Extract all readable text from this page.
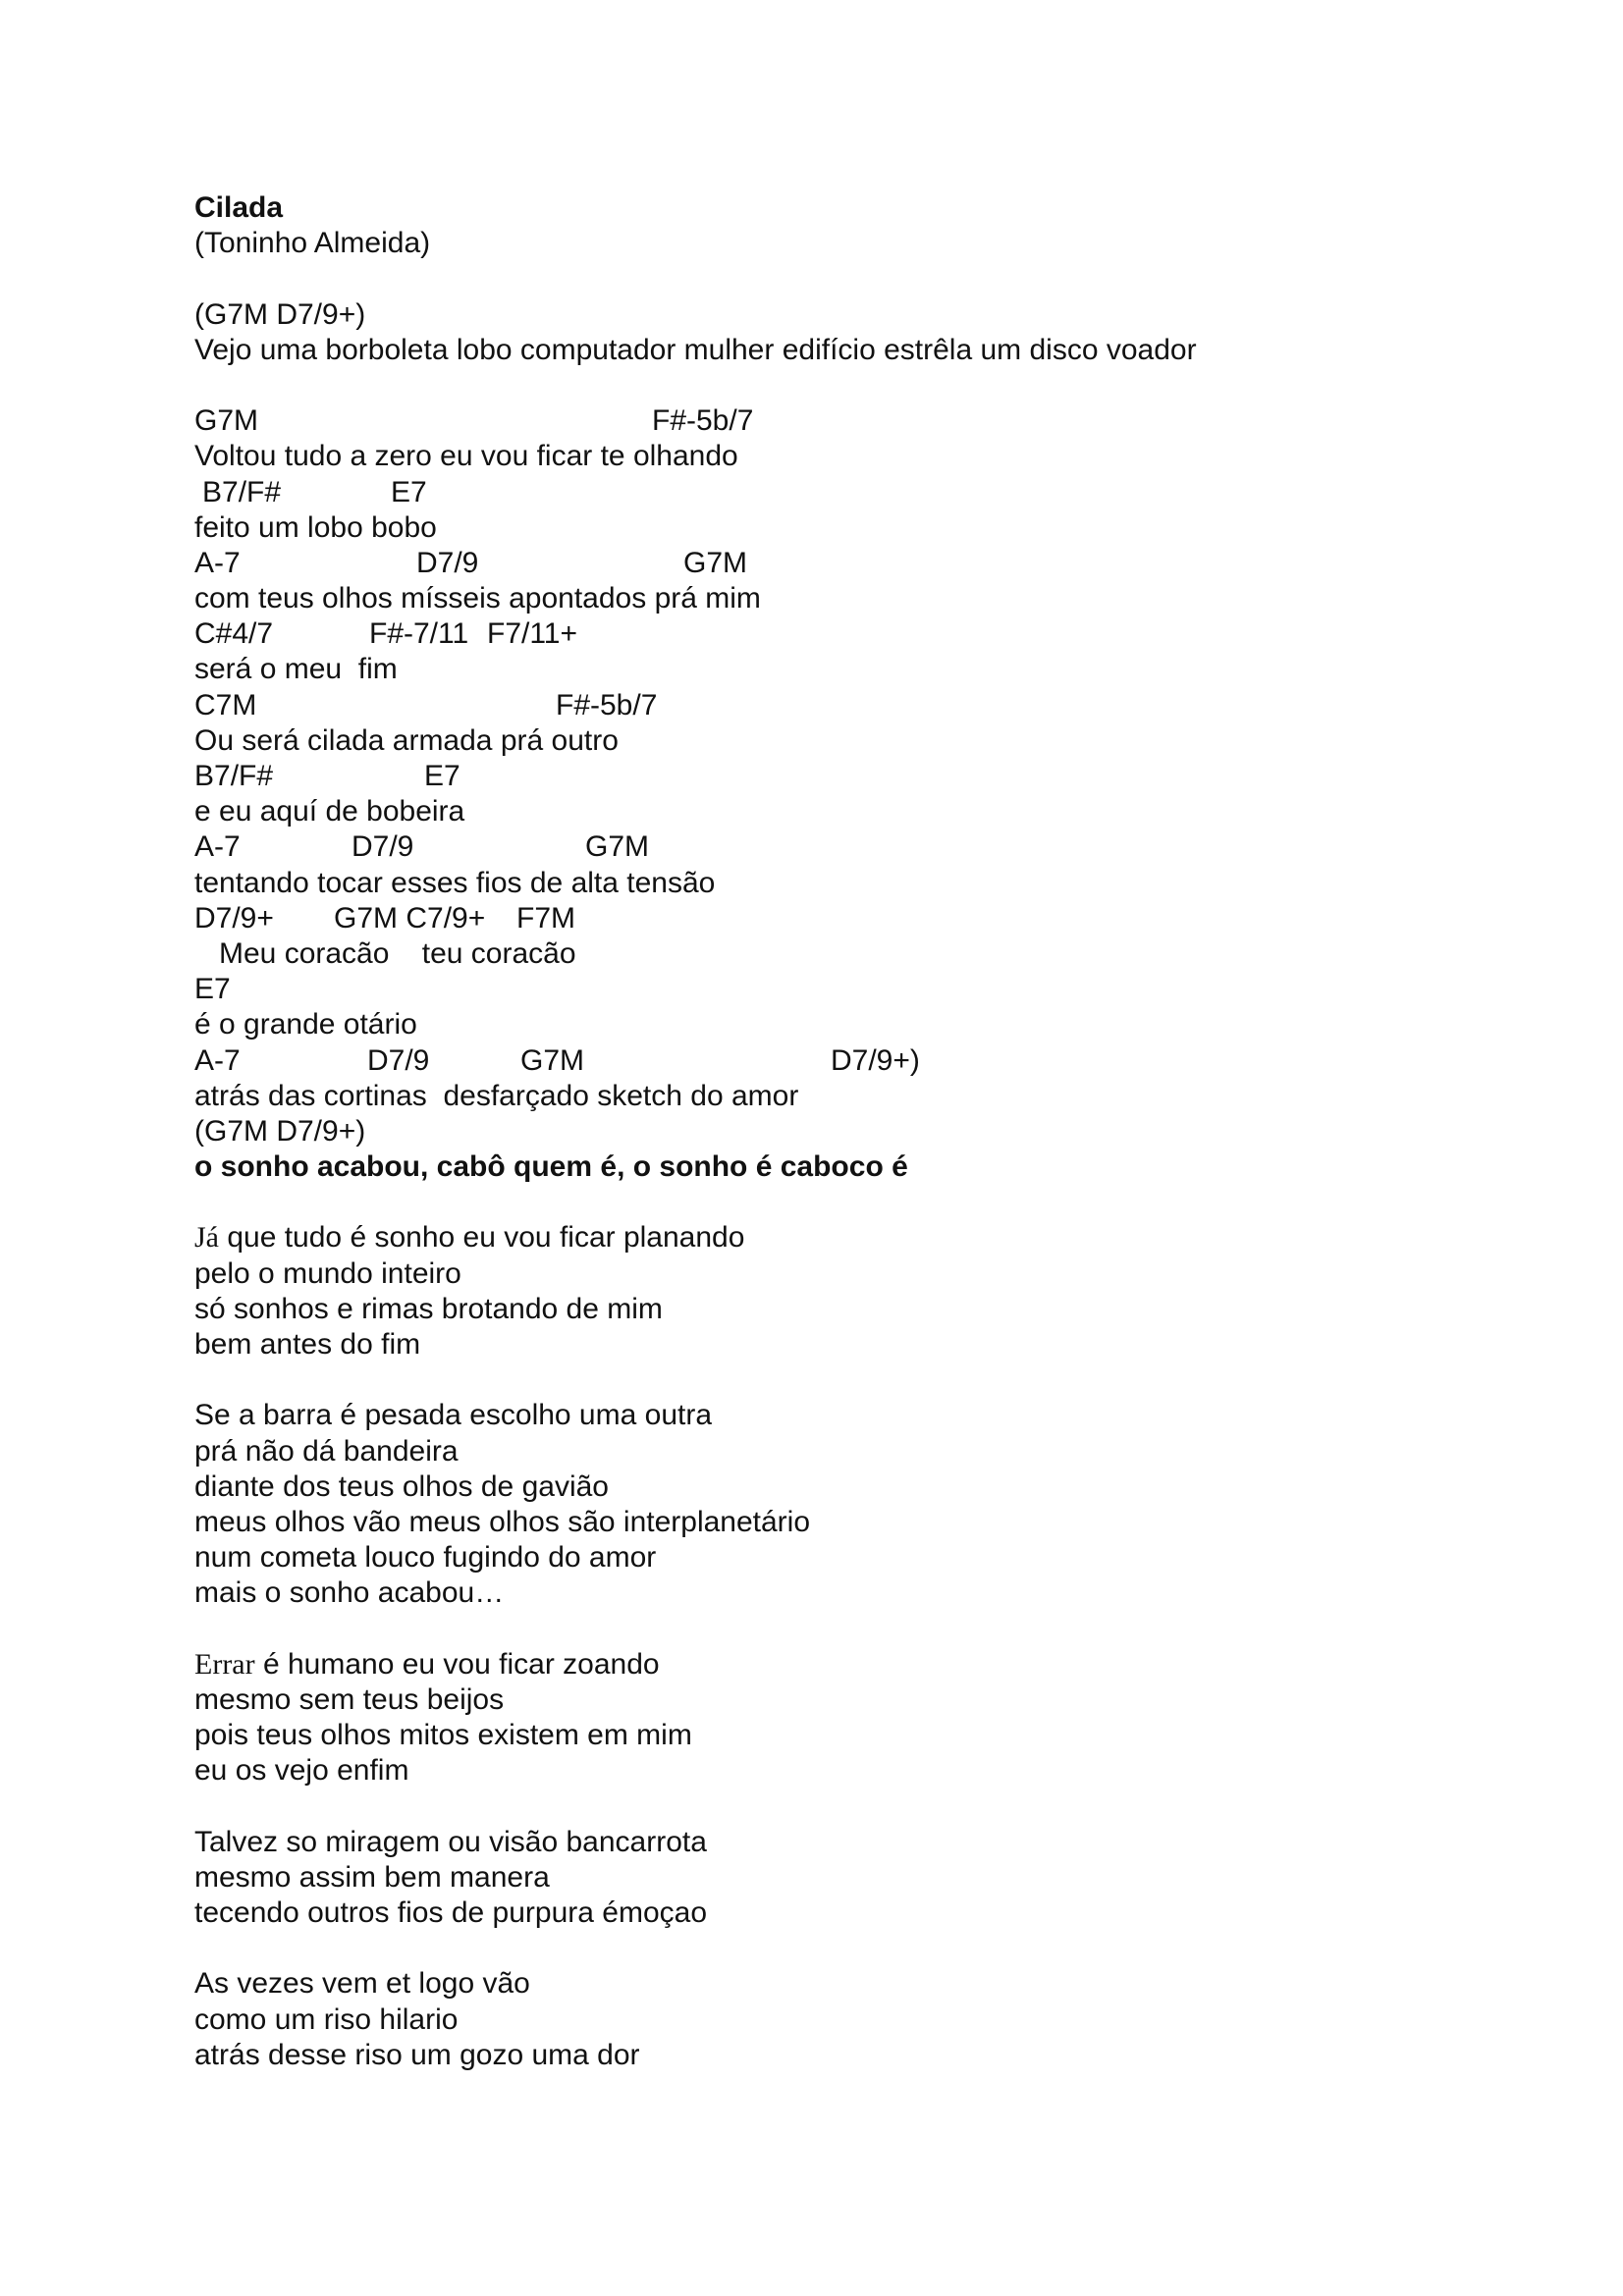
Cilada
(Toninho Almeida)
(G7M D7/9+)
Vejo uma borboleta lobo computador mulher edifício estrêla um disco voador

G7M

	F#-5b/7

Voltou tudo a zero eu vou ficar te olhando

B7/F#

	E7

feito um lobo bobo

A-7

	D7/9

	G7M

com teus olhos mísseis apontados prá mim

C#4/7

	F#-7/11

F7/11+

será o meu  fim

C7M

	F#-5b/7

Ou será cilada armada prá outro

B7/F#

	E7

e eu aquí de bobeira

A-7

	D7/9

	G7M

tentando tocar esses fios de alta tensão

D7/9+

G7M C7/9+

F7M

Meu coracão    teu coracão

E7

é o grande otário

A-7

	D7/9

	G7M

	D7/9+)

atrás das cortinas  desfarçado sketch do amor
(G7M D7/9+)
o sonho acabou, cabô quem é, o sonho é caboco é
Já que tudo é sonho eu vou ficar planando
pelo o mundo inteiro
só sonhos e rimas brotando de mim
bem antes do fim
Se a barra é pesada escolho uma outra
prá não dá bandeira
diante dos teus olhos de gavião
meus olhos vão meus olhos são interplanetário
num cometa louco fugindo do amor
mais o sonho acabou…
Errar é humano eu vou ficar zoando
mesmo sem teus beijos
pois teus olhos mitos existem em mim
eu os vejo enfim
Talvez so miragem ou visão bancarrota
mesmo assim bem manera
tecendo outros fios de purpura émoçao
As vezes vem et logo vão
como um riso hilario
atrás desse riso um gozo uma dor
